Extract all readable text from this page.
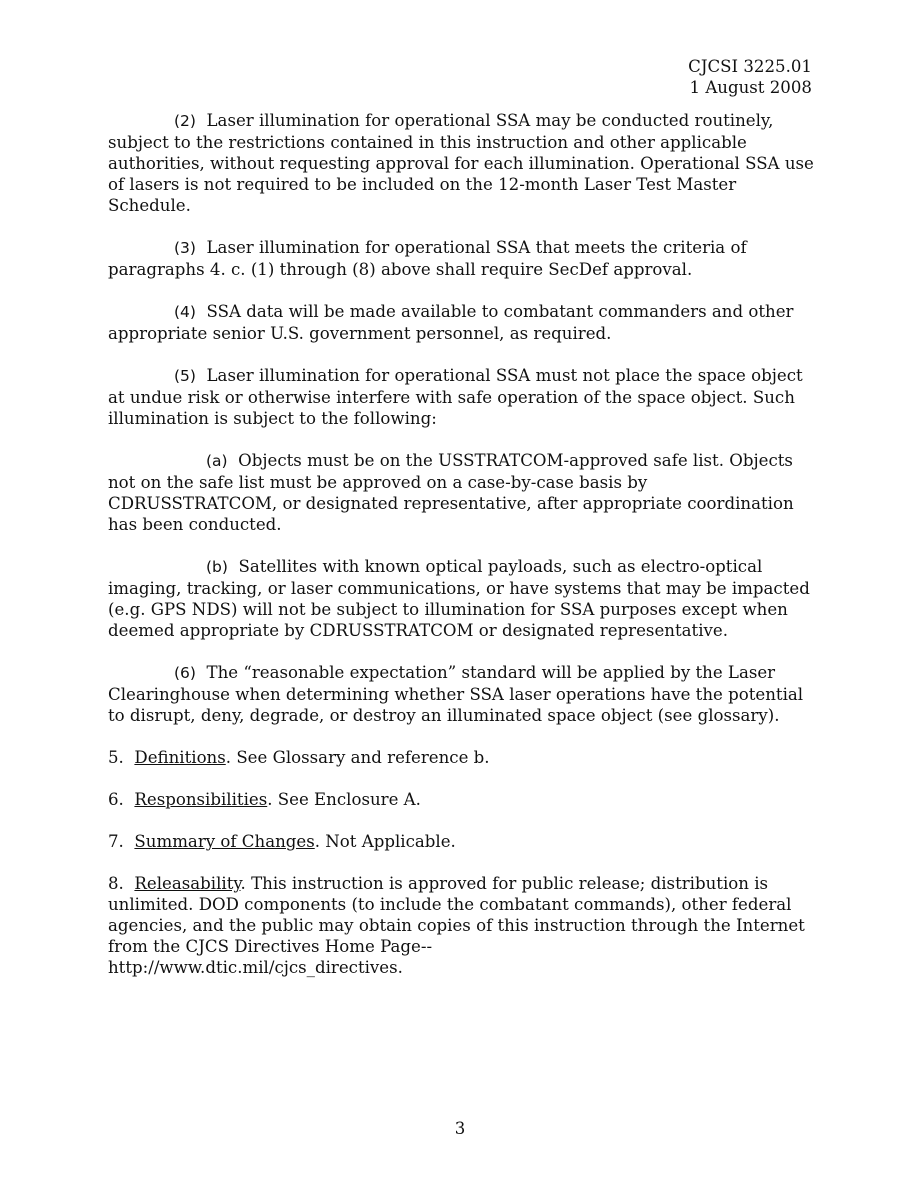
CJCSI 3225.01
1 August 2008

(2) Laser illumination for operational SSA may be conducted routinely, subject to the restrictions contained in this instruction and other applicable authorities, without requesting approval for each illumination. Operational SSA use of lasers is not required to be included on the 12-month Laser Test Master Schedule.

(3) Laser illumination for operational SSA that meets the criteria of paragraphs 4. c. (1) through (8) above shall require SecDef approval.

(4) SSA data will be made available to combatant commanders and other appropriate senior U.S. government personnel, as required.

(5) Laser illumination for operational SSA must not place the space object at undue risk or otherwise interfere with safe operation of the space object. Such illumination is subject to the following:

(a) Objects must be on the USSTRATCOM-approved safe list. Objects not on the safe list must be approved on a case-by-case basis by CDRUSSTRATCOM, or designated representative, after appropriate coordination has been conducted.

(b) Satellites with known optical payloads, such as electro-optical imaging, tracking, or laser communications, or have systems that may be impacted (e.g. GPS NDS) will not be subject to illumination for SSA purposes except when deemed appropriate by CDRUSSTRATCOM or designated representative.

(6) The “reasonable expectation” standard will be applied by the Laser Clearinghouse when determining whether SSA laser operations have the potential to disrupt, deny, degrade, or destroy an illuminated space object (see glossary).

5. Definitions. See Glossary and reference b.

6. Responsibilities. See Enclosure A.

7. Summary of Changes. Not Applicable.

8. Releasability. This instruction is approved for public release; distribution is unlimited. DOD components (to include the combatant commands), other federal agencies, and the public may obtain copies of this instruction through the Internet from the CJCS Directives Home Page--
http://www.dtic.mil/cjcs_directives.

3
